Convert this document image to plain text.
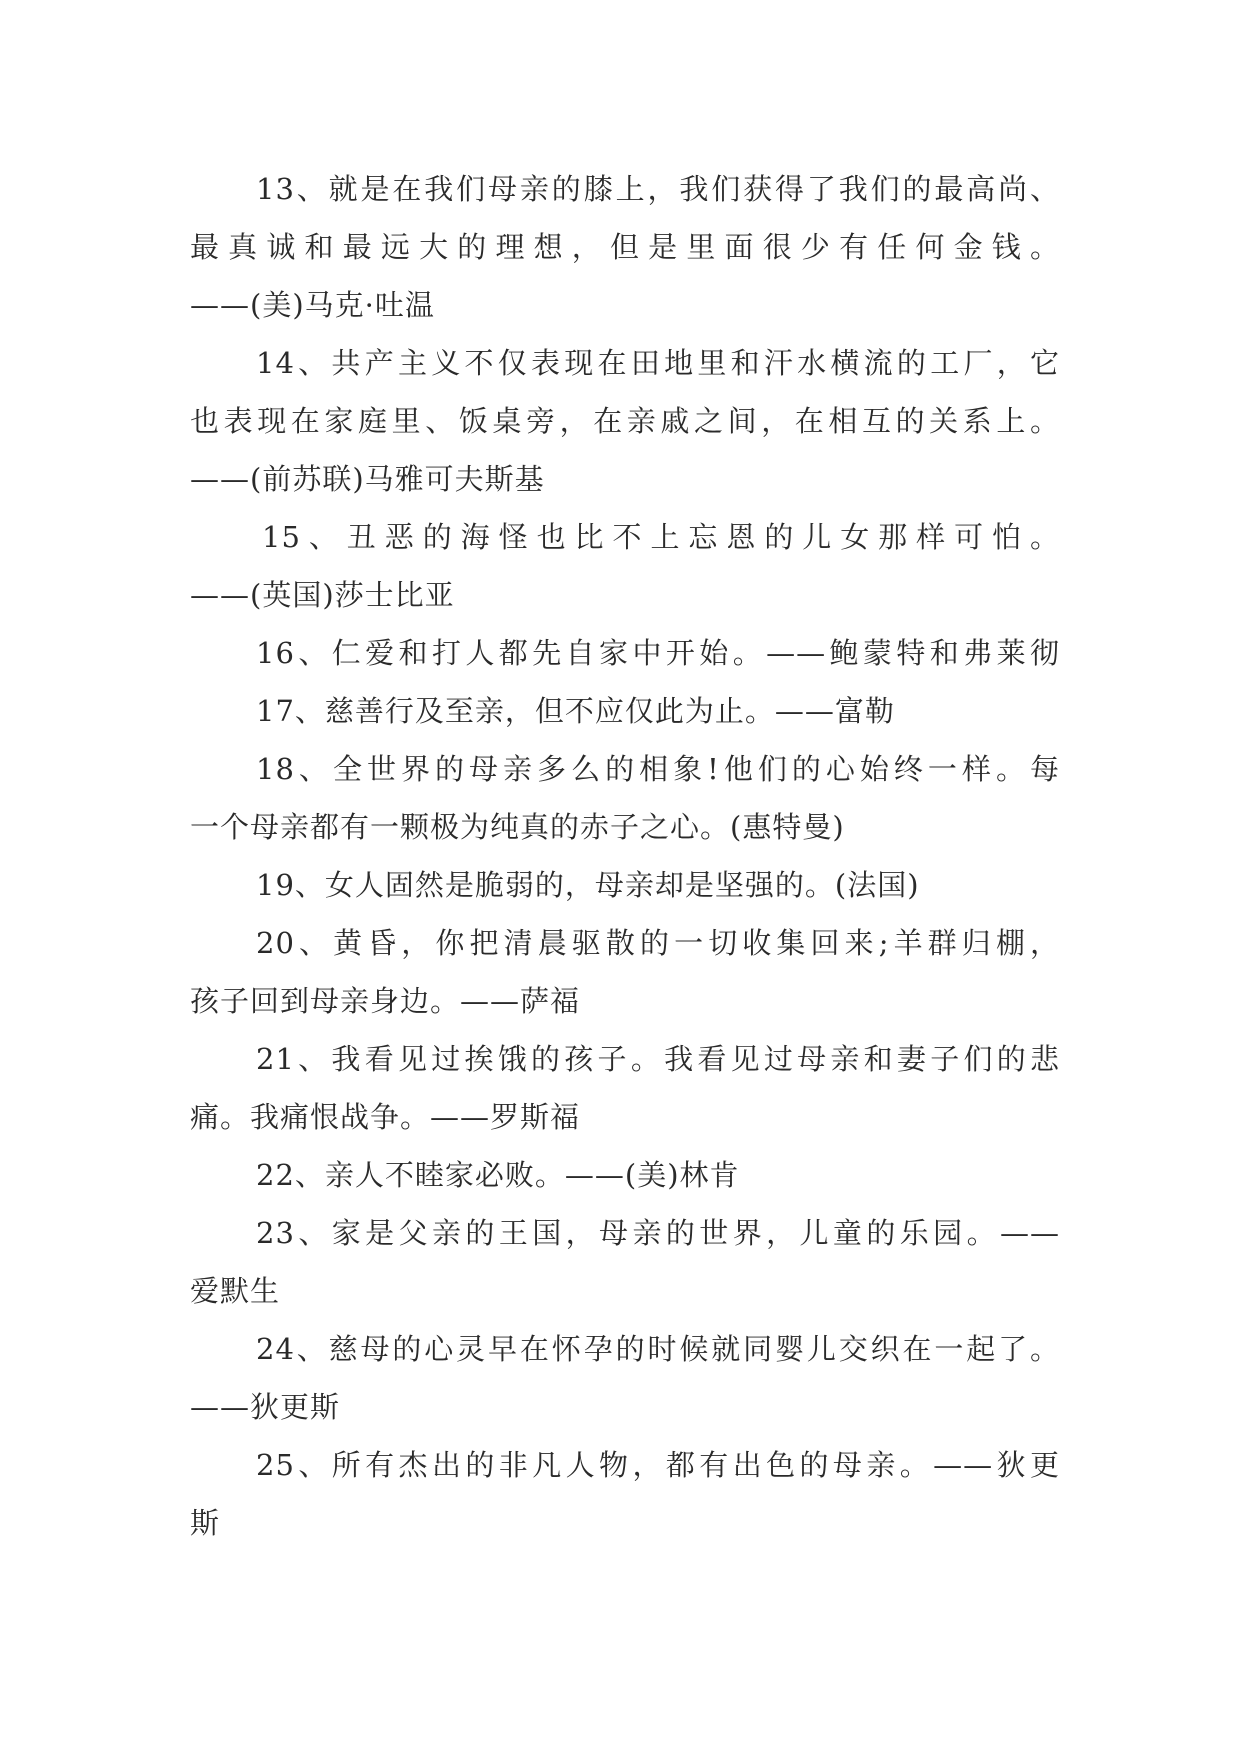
13、就是在我们母亲的膝上，我们获得了我们的最高尚、
最真诚和最远大的理想，但是里面很少有任何金钱。
——(美)马克·吐温
14、共产主义不仅表现在田地里和汗水横流的工厂，它
也表现在家庭里、饭桌旁，在亲戚之间，在相互的关系上。
——(前苏联)马雅可夫斯基
15、丑恶的海怪也比不上忘恩的儿女那样可怕。
——(英国)莎士比亚
16、仁爱和打人都先自家中开始。——鲍蒙特和弗莱彻
17、慈善行及至亲，但不应仅此为止。——富勒
18、全世界的母亲多么的相象!他们的心始终一样。每
一个母亲都有一颗极为纯真的赤子之心。(惠特曼)
19、女人固然是脆弱的，母亲却是坚强的。(法国)
20、黄昏，你把清晨驱散的一切收集回来;羊群归棚，
孩子回到母亲身边。——萨福
21、我看见过挨饿的孩子。我看见过母亲和妻子们的悲
痛。我痛恨战争。——罗斯福
22、亲人不睦家必败。——(美)林肯
23、家是父亲的王国，母亲的世界，儿童的乐园。——
爱默生
24、慈母的心灵早在怀孕的时候就同婴儿交织在一起了。
——狄更斯
25、所有杰出的非凡人物，都有出色的母亲。——狄更
斯
